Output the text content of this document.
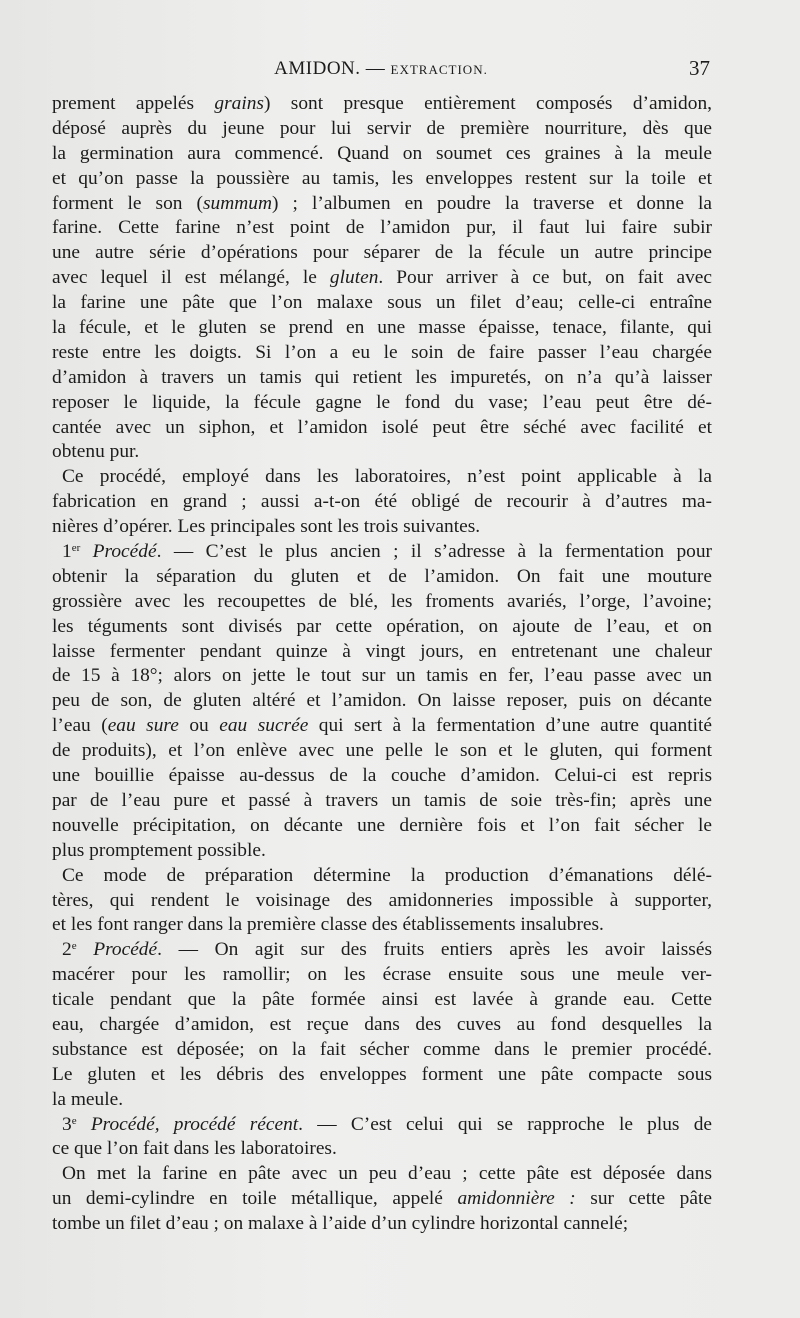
AMIDON. — EXTRACTION.	37
prement appelés grains) sont presque entièrement composés d’amidon,
déposé auprès du jeune pour lui servir de première nourriture, dès que
la germination aura commencé. Quand on soumet ces graines à la meule
et qu’on passe la poussière au tamis, les enveloppes restent sur la toile et
forment le son (summum) ; l’albumen en poudre la traverse et donne la
farine. Cette farine n’est point de l’amidon pur, il faut lui faire subir
une autre série d’opérations pour séparer de la fécule un autre principe
avec lequel il est mélangé, le gluten. Pour arriver à ce but, on fait avec
la farine une pâte que l’on malaxe sous un filet d’eau; celle-ci entraîne
la fécule, et le gluten se prend en une masse épaisse, tenace, filante, qui
reste entre les doigts. Si l’on a eu le soin de faire passer l’eau chargée
d’amidon à travers un tamis qui retient les impuretés, on n’a qu’à laisser
reposer le liquide, la fécule gagne le fond du vase; l’eau peut être dé-
cantée avec un siphon, et l’amidon isolé peut être séché avec facilité et
obtenu pur.
Ce procédé, employé dans les laboratoires, n’est point applicable à la
fabrication en grand ; aussi a-t-on été obligé de recourir à d’autres ma-
nières d’opérer. Les principales sont les trois suivantes.
1er Procédé. — C’est le plus ancien ; il s’adresse à la fermentation pour
obtenir la séparation du gluten et de l’amidon. On fait une mouture
grossière avec les recoupettes de blé, les froments avariés, l’orge, l’avoine;
les téguments sont divisés par cette opération, on ajoute de l’eau, et on
laisse fermenter pendant quinze à vingt jours, en entretenant une chaleur
de 15 à 18°; alors on jette le tout sur un tamis en fer, l’eau passe avec un
peu de son, de gluten altéré et l’amidon. On laisse reposer, puis on décante
l’eau (eau sure ou eau sucrée qui sert à la fermentation d’une autre quantité
de produits), et l’on enlève avec une pelle le son et le gluten, qui forment
une bouillie épaisse au-dessus de la couche d’amidon. Celui-ci est repris
par de l’eau pure et passé à travers un tamis de soie très-fin; après une
nouvelle précipitation, on décante une dernière fois et l’on fait sécher le
plus promptement possible.
Ce mode de préparation détermine la production d’émanations délé-
tères, qui rendent le voisinage des amidonneries impossible à supporter,
et les font ranger dans la première classe des établissements insalubres.
2e Procédé. — On agit sur des fruits entiers après les avoir laissés
macérer pour les ramollir; on les écrase ensuite sous une meule ver-
ticale pendant que la pâte formée ainsi est lavée à grande eau. Cette
eau, chargée d’amidon, est reçue dans des cuves au fond desquelles la
substance est déposée; on la fait sécher comme dans le premier procédé.
Le gluten et les débris des enveloppes forment une pâte compacte sous
la meule.
3e Procédé, procédé récent. — C’est celui qui se rapproche le plus de
ce que l’on fait dans les laboratoires.
On met la farine en pâte avec un peu d’eau ; cette pâte est déposée dans
un demi-cylindre en toile métallique, appelé amidonnière : sur cette pâte
tombe un filet d’eau ; on malaxe à l’aide d’un cylindre horizontal cannelé;
